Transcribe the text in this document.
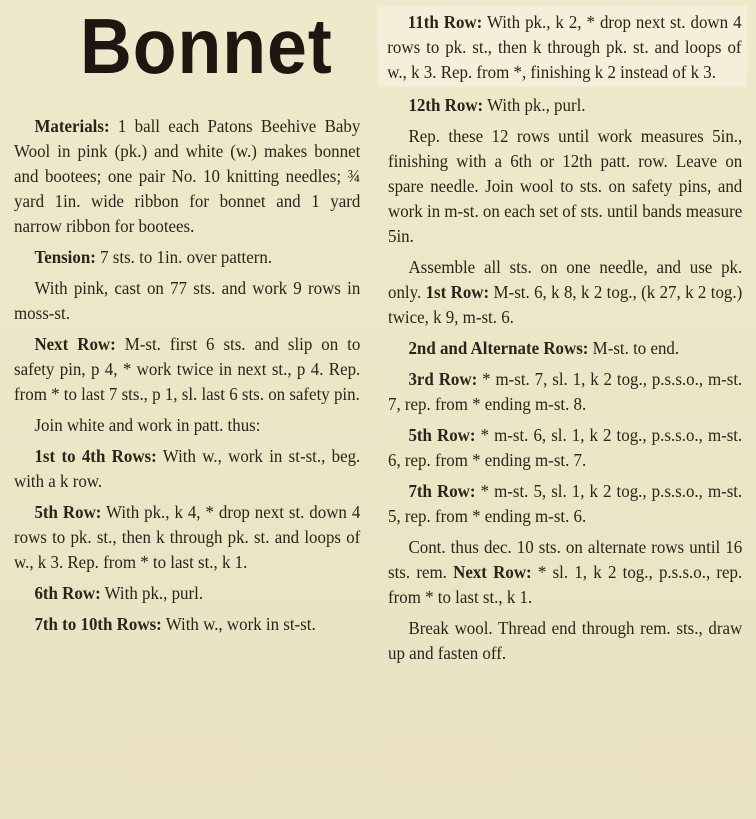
Bonnet

Materials: 1 ball each Patons Beehive Baby Wool in pink (pk.) and white (w.) makes bonnet and bootees; one pair No. 10 knitting needles; ¾ yard 1in. wide ribbon for bonnet and 1 yard narrow ribbon for bootees.

Tension: 7 sts. to 1in. over pattern.

With pink, cast on 77 sts. and work 9 rows in moss-st.

Next Row: M-st. first 6 sts. and slip on to safety pin, p 4, * work twice in next st., p 4. Rep. from * to last 7 sts., p 1, sl. last 6 sts. on safety pin.

Join white and work in patt. thus:

1st to 4th Rows: With w., work in st-st., beg. with a k row.

5th Row: With pk., k 4, * drop next st. down 4 rows to pk. st., then k through pk. st. and loops of w., k 3. Rep. from * to last st., k 1.

6th Row: With pk., purl.

7th to 10th Rows: With w., work in st-st.

11th Row: With pk., k 2, * drop next st. down 4 rows to pk. st., then k through pk. st. and loops of w., k 3. Rep. from *, finishing k 2 instead of k 3.

12th Row: With pk., purl.

Rep. these 12 rows until work measures 5in., finishing with a 6th or 12th patt. row. Leave on spare needle. Join wool to sts. on safety pins, and work in m-st. on each set of sts. until bands measure 5in.

Assemble all sts. on one needle, and use pk. only. 1st Row: M-st. 6, k 8, k 2 tog., (k 27, k 2 tog.) twice, k 9, m-st. 6.

2nd and Alternate Rows: M-st. to end.

3rd Row: * m-st. 7, sl. 1, k 2 tog., p.s.s.o., m-st. 7, rep. from * ending m-st. 8.

5th Row: * m-st. 6, sl. 1, k 2 tog., p.s.s.o., m-st. 6, rep. from * ending m-st. 7.

7th Row: * m-st. 5, sl. 1, k 2 tog., p.s.s.o., m-st. 5, rep. from * ending m-st. 6.

Cont. thus dec. 10 sts. on alternate rows until 16 sts. rem. Next Row: * sl. 1, k 2 tog., p.s.s.o., rep. from * to last st., k 1.

Break wool. Thread end through rem. sts., draw up and fasten off.
